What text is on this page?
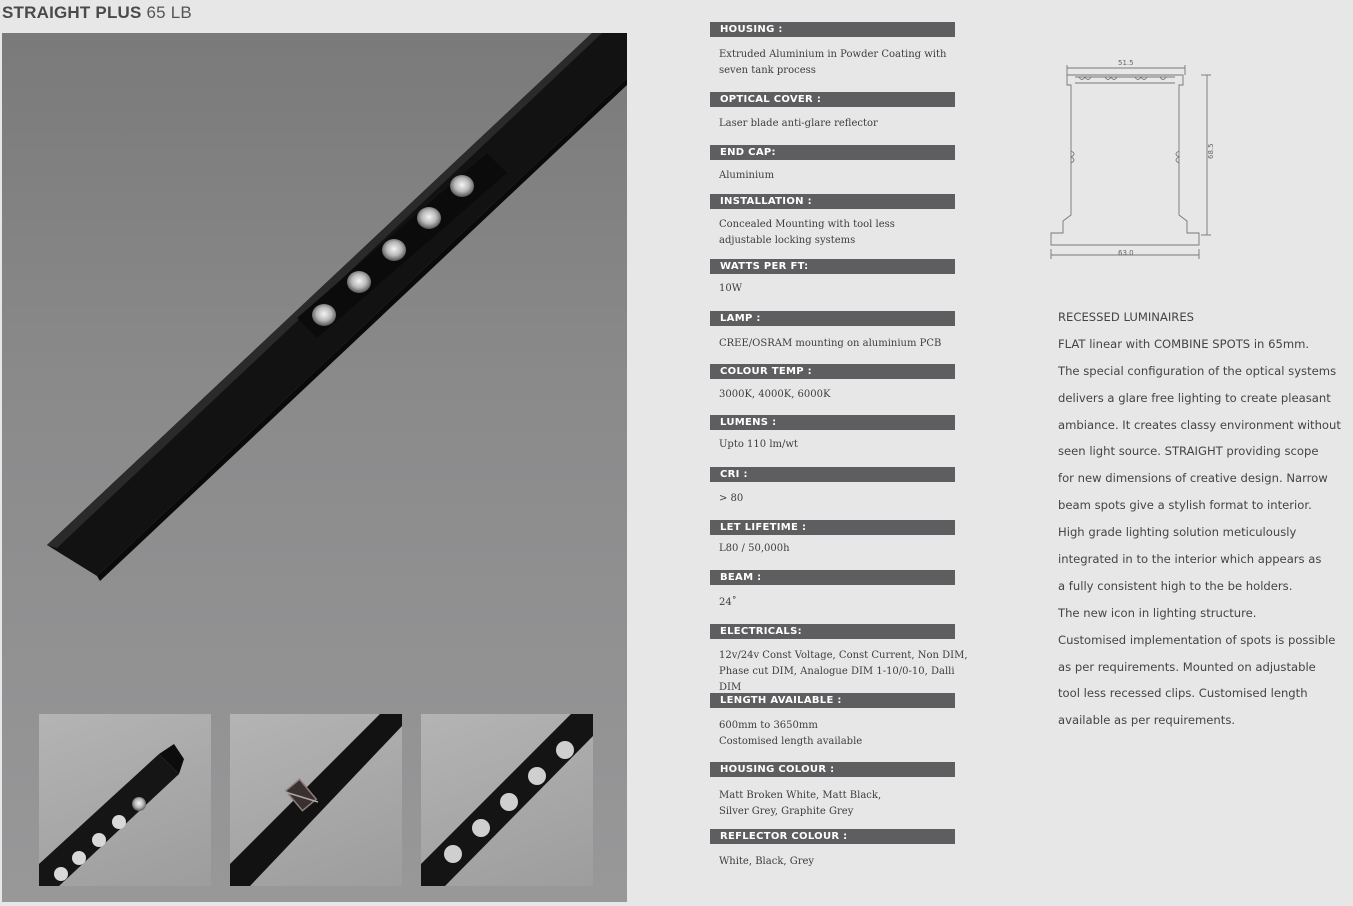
STRAIGHT PLUS 65 LB
HOUSING :
Extruded Aluminium in Powder Coating with
seven tank process
OPTICAL COVER :
Laser blade anti-glare reflector
END CAP:
Aluminium
INSTALLATION :
Concealed Mounting with tool less
adjustable locking systems
WATTS PER FT:
10W
LAMP :
CREE/OSRAM mounting on aluminium PCB
COLOUR TEMP :
3000K, 4000K, 6000K
LUMENS :
Upto 110 lm/wt
CRI :
> 80
LET LIFETIME :
L80 / 50,000h
BEAM :
24˚
ELECTRICALS:
12v/24v Const Voltage, Const Current, Non DIM,
Phase cut DIM, Analogue DIM 1-10/0-10, Dalli DIM
LENGTH AVAILABLE :
600mm to 3650mm
Costomised length available
HOUSING COLOUR :
Matt Broken White, Matt Black,
Silver Grey, Graphite Grey
REFLECTOR COLOUR :
White, Black, Grey
51.5
68.5
63.0
RECESSED LUMINAIRES
FLAT linear with COMBINE SPOTS in 65mm.
The special configuration of the optical systems
delivers a glare free lighting to create pleasant
ambiance. It creates classy environment without
seen light source. STRAIGHT providing scope
for new dimensions of creative design. Narrow
beam spots give a stylish format to interior.
High grade lighting solution meticulously
integrated in to the interior which appears as
a fully consistent high to the be holders.
The new icon in lighting structure.
Customised implementation of spots is possible
as per requirements. Mounted on adjustable
tool less recessed clips. Customised length
available as per requirements.
